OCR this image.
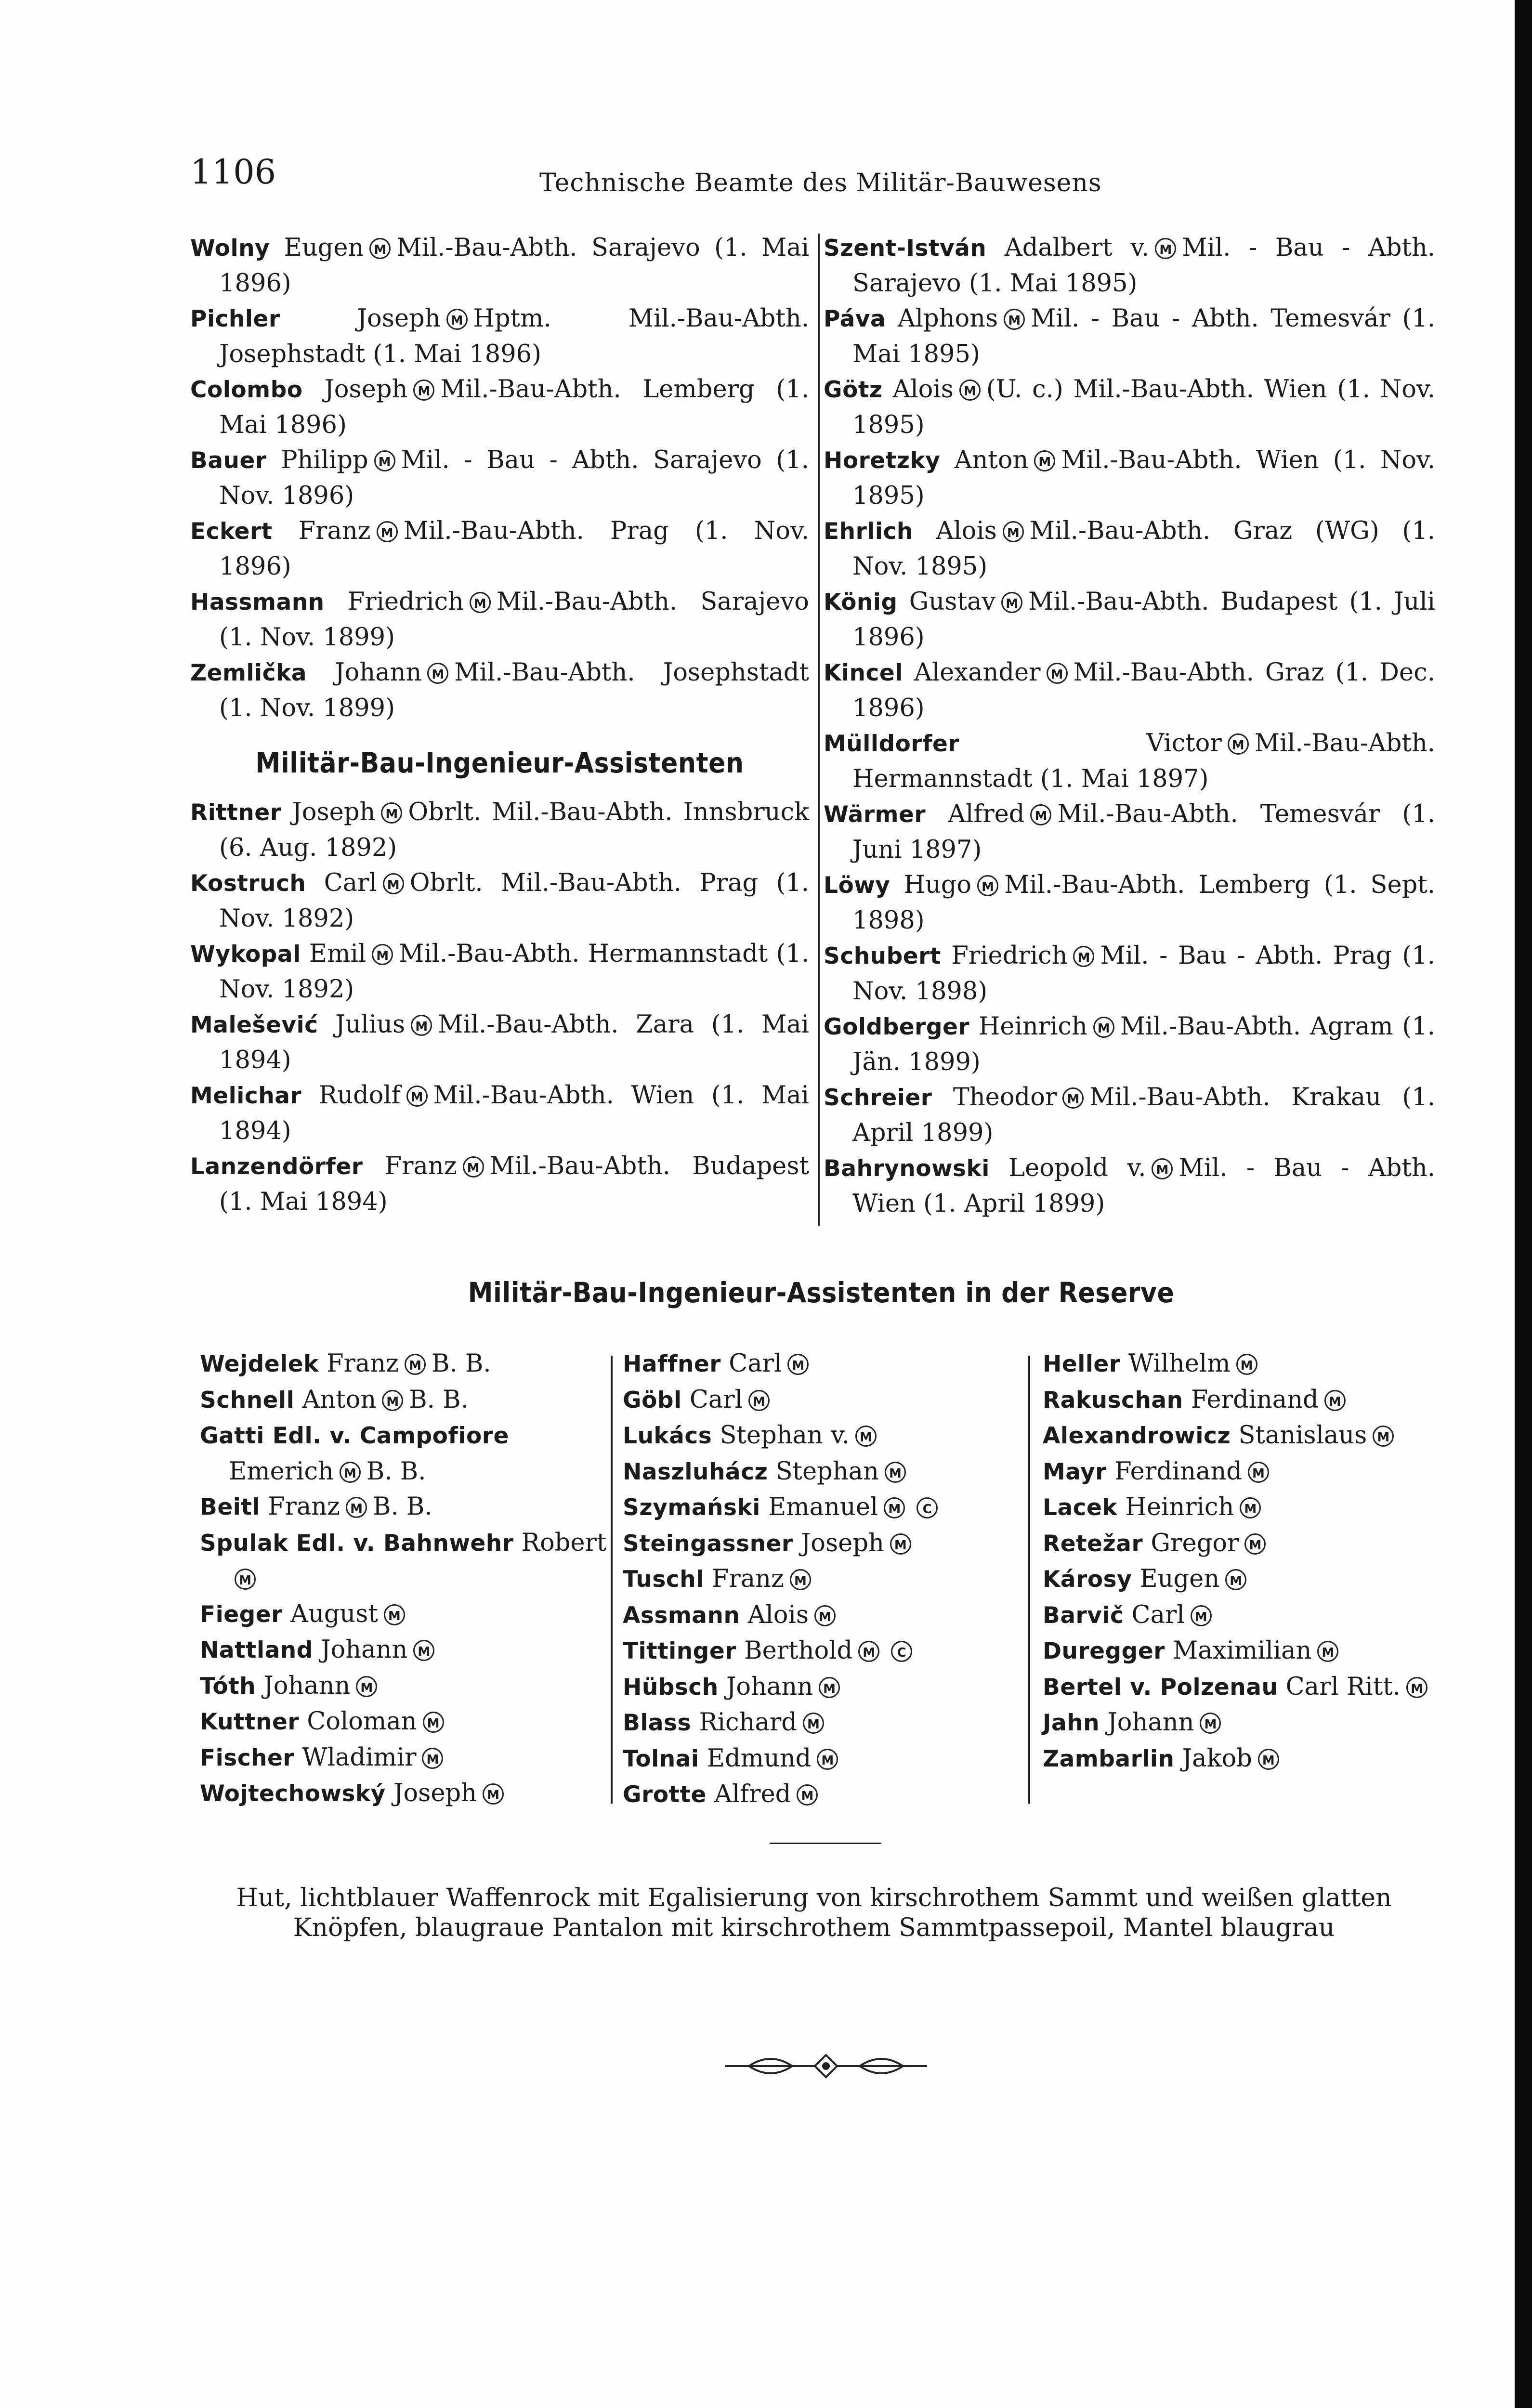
1106	Technische Beamte des Militär-Bauwesens
Wolny Eugen M Mil.-Bau-Abth. Sarajevo (1. Mai 1896)
Pichler	Joseph M Hptm. Mil.-Bau-Abth. Josephstadt (1. Mai 1896)
Colombo Joseph M Mil.-Bau-Abth. Lemberg (1. Mai 1896)
Bauer Philipp M Mil. - Bau - Abth. Sarajevo (1. Nov. 1896)
Eckert Franz M Mil.-Bau-Abth. Prag (1. Nov. 1896)
Hassmann Friedrich M Mil.-Bau-Abth. Sarajevo (1. Nov. 1899)
Zemlička Johann M Mil.-Bau-Abth. Josephstadt (1. Nov. 1899)
Militär-Bau-Ingenieur-Assistenten
Rittner Joseph M Obrlt. Mil.-Bau-Abth. Innsbruck (6. Aug. 1892)
Kostruch Carl M Obrlt. Mil.-Bau-Abth. Prag (1. Nov. 1892)
Wykopal Emil M Mil.-Bau-Abth. Hermannstadt (1. Nov. 1892)
Malešević Julius M Mil.-Bau-Abth. Zara (1. Mai 1894)
Melichar Rudolf M Mil.-Bau-Abth. Wien (1. Mai 1894)
Lanzendörfer Franz M Mil.-Bau-Abth. Budapest (1. Mai 1894)
Szent-István Adalbert v. M Mil. - Bau - Abth. Sarajevo (1. Mai 1895)
Páva Alphons M Mil. - Bau - Abth. Temesvár (1. Mai 1895)
Götz Alois M (U. c.) Mil.-Bau-Abth. Wien (1. Nov. 1895)
Horetzky Anton M Mil.-Bau-Abth. Wien (1. Nov. 1895)
Ehrlich Alois M Mil.-Bau-Abth. Graz (WG) (1. Nov. 1895)
König Gustav M Mil.-Bau-Abth. Budapest (1. Juli 1896)
Kincel Alexander M Mil.-Bau-Abth. Graz (1. Dec. 1896)
Mülldorfer	Victor M Mil.-Bau-Abth. Hermannstadt (1. Mai 1897)
Wärmer Alfred M Mil.-Bau-Abth. Temesvár (1. Juni 1897)
Löwy Hugo M Mil.-Bau-Abth. Lemberg (1. Sept. 1898)
Schubert Friedrich M Mil. - Bau - Abth. Prag (1. Nov. 1898)
Goldberger Heinrich M Mil.-Bau-Abth. Agram (1. Jän. 1899)
Schreier Theodor M Mil.-Bau-Abth. Krakau (1. April 1899)
Bahrynowski Leopold v. M Mil. - Bau - Abth. Wien (1. April 1899)
Militär-Bau-Ingenieur-Assistenten in der Reserve
Wejdelek Franz M B. B.
Schnell Anton M B. B.
Gatti Edl. v. Campofiore Emerich M B. B.
Beitl Franz M B. B.
Spulak Edl. v. Bahnwehr RobertM
Fieger August M
Nattland Johann M
Tóth Johann M
Kuttner Coloman M
Fischer Wladimir M
Wojtechowský Joseph M
Haffner Carl M
Göbl Carl M
Lukács Stephan v. M
Naszluhácz Stephan M
Szymański Emanuel M C
Steingassner Joseph M
Tuschl Franz M
Assmann Alois M
Tittinger Berthold M C
Hübsch Johann M
Blass Richard M
Tolnai Edmund M
Grotte Alfred M
Heller Wilhelm M
Rakuschan Ferdinand M
Alexandrowicz Stanislaus M
Mayr Ferdinand M
Lacek Heinrich M
Retežar Gregor M
Károsy Eugen M
Barvič Carl M
Duregger Maximilian M
Bertel v. Polzenau Carl Ritt. M
Jahn Johann M
Zambarlin Jakob M
Hut, lichtblauer Waffenrock mit Egalisierung von kirschrothem Sammt und weißen glatten
Knöpfen, blaugraue Pantalon mit kirschrothem Sammtpassepoil, Mantel blaugrau
